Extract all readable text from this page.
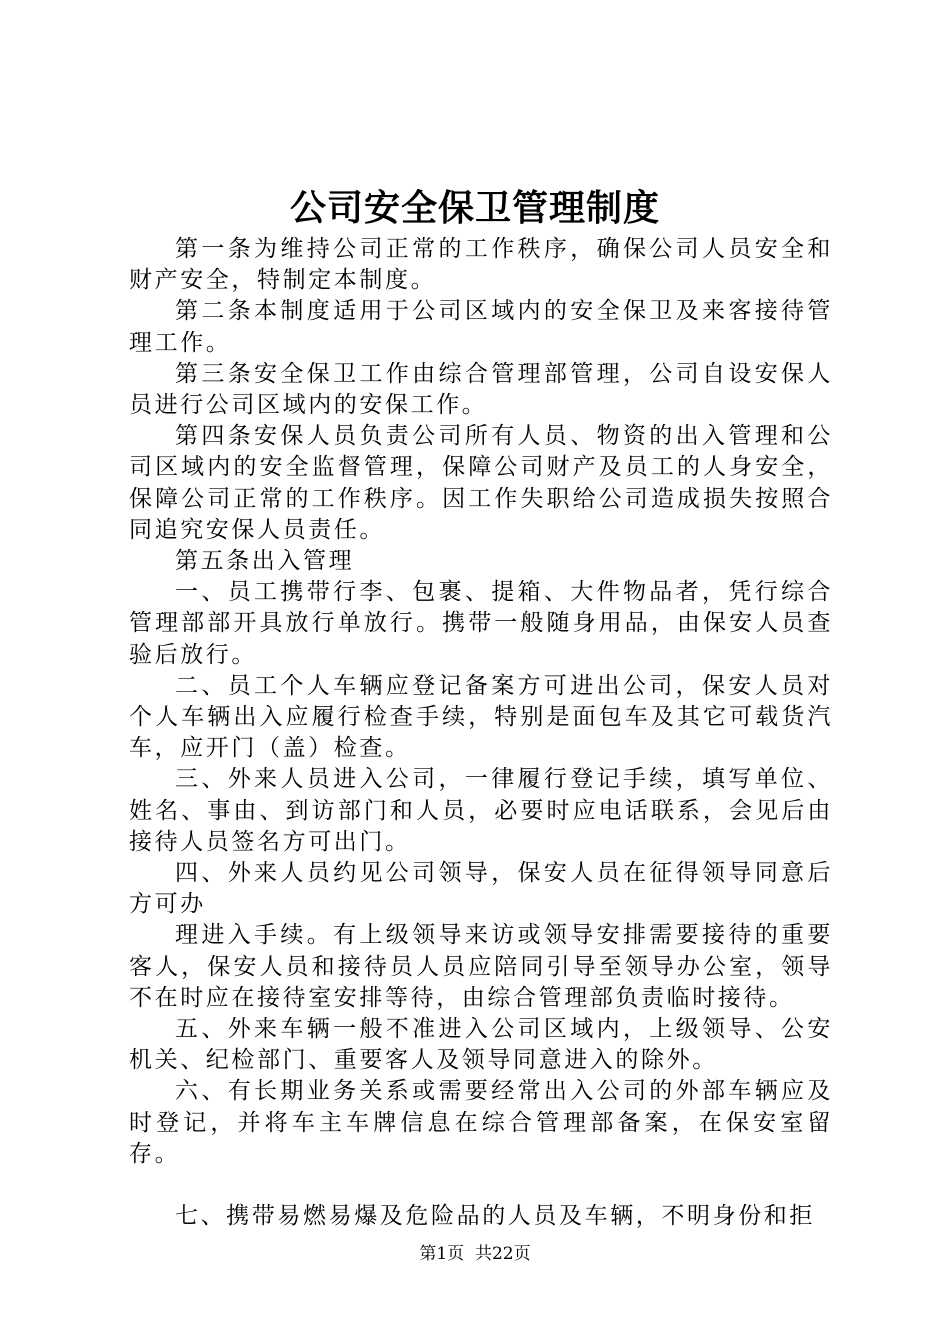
公司安全保卫管理制度

第一条为维持公司正常的工作秩序，确保公司人员安全和财产安全，特制定本制度。

第二条本制度适用于公司区域内的安全保卫及来客接待管理工作。

第三条安全保卫工作由综合管理部管理，公司自设安保人员进行公司区域内的安保工作。

第四条安保人员负责公司所有人员、物资的出入管理和公司区域内的安全监督管理，保障公司财产及员工的人身安全，保障公司正常的工作秩序。因工作失职给公司造成损失按照合同追究安保人员责任。

第五条出入管理

一、员工携带行李、包裹、提箱、大件物品者，凭行综合管理部部开具放行单放行。携带一般随身用品，由保安人员查验后放行。

二、员工个人车辆应登记备案方可进出公司，保安人员对个人车辆出入应履行检查手续，特别是面包车及其它可载货汽车，应开门（盖）检查。

三、外来人员进入公司，一律履行登记手续，填写单位、姓名、事由、到访部门和人员，必要时应电话联系，会见后由接待人员签名方可出门。

四、外来人员约见公司领导，保安人员在征得领导同意后方可办

理进入手续。有上级领导来访或领导安排需要接待的重要客人，保安人员和接待员人员应陪同引导至领导办公室，领导不在时应在接待室安排等待，由综合管理部负责临时接待。

五、外来车辆一般不准进入公司区域内，上级领导、公安机关、纪检部门、重要客人及领导同意进入的除外。

六、有长期业务关系或需要经常出入公司的外部车辆应及时登记，并将车主车牌信息在综合管理部备案，在保安室留存。

七、携带易燃易爆及危险品的人员及车辆，不明身份和拒

第1页  共22页
